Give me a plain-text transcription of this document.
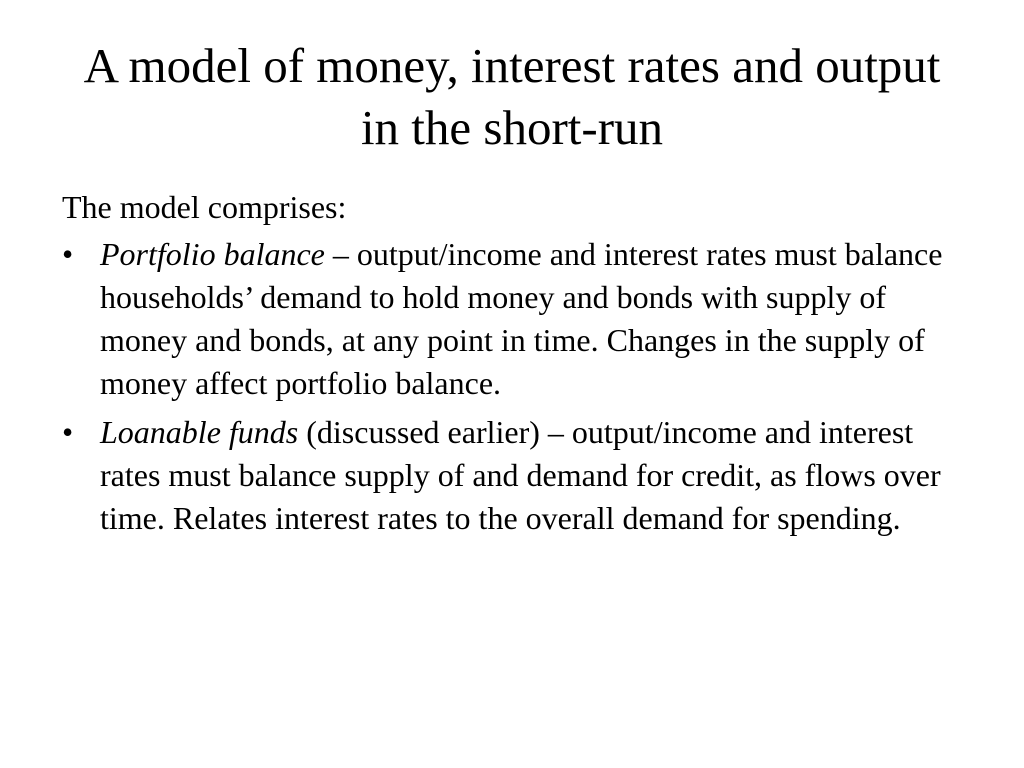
A model of money, interest rates and output in the short-run

The model comprises:

• Portfolio balance – output/income and interest rates must balance households’ demand to hold money and bonds with supply of money and bonds, at any point in time. Changes in the supply of money affect portfolio balance.
• Loanable funds (discussed earlier) – output/income and interest rates must balance supply of and demand for credit, as flows over time. Relates interest rates to the overall demand for spending.
